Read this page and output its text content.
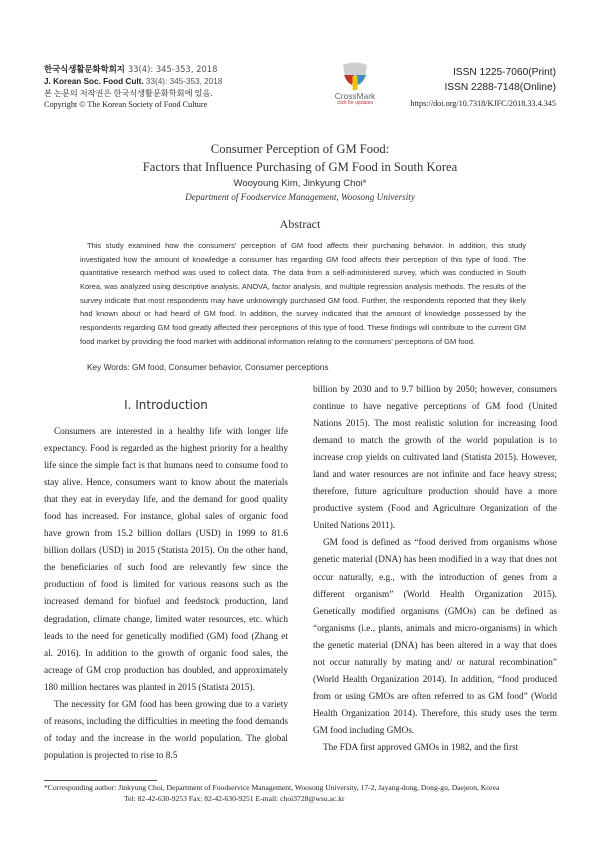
한국식생활문화학회지 33(4): 345-353, 2018
J. Korean Soc. Food Cult. 33(4): 345-353, 2018
본 논문의 저작권은 한국식생활문화학회에 있음.
Copyright © The Korean Society of Food Culture
CrossMark
click for updates
ISSN 1225-7060(Print)
ISSN 2288-7148(Online)
https://doi.org/10.7318/KJFC/2018.33.4.345
Consumer Perception of GM Food:
Factors that Influence Purchasing of GM Food in South Korea
Wooyoung Kim, Jinkyung Choi*
Department of Foodservice Management, Woosong University
Abstract
This study examined how the consumers' perception of GM food affects their purchasing behavior. In addition, this study investigated how the amount of knowledge a consumer has regarding GM food affects their perception of this type of food. The quantitative research method was used to collect data. The data from a self-administered survey, which was conducted in South Korea, was analyzed using descriptive analysis, ANOVA, factor analysis, and multiple regression analysis methods. The results of the survey indicate that most respondents may have unknowingly purchased GM food. Further, the respondents reported that they likely had known about or had heard of GM food. In addition, the survey indicated that the amount of knowledge possessed by the respondents regarding GM food greatly affected their perceptions of this type of food. These findings will contribute to the current GM food market by providing the food market with additional information relating to the consumers' perceptions of GM food.
Key Words: GM food, Consumer behavior, Consumer perceptions
Ⅰ. Introduction

Consumers are interested in a healthy life with longer life expectancy. Food is regarded as the highest priority for a healthy life since the simple fact is that humans need to consume food to stay alive. Hence, consumers want to know about the materials that they eat in everyday life, and the demand for good quality food has increased. For instance, global sales of organic food have grown from 15.2 billion dollars (USD) in 1999 to 81.6 billion dollars (USD) in 2015 (Statista 2015). On the other hand, the beneficiaries of such food are relevantly few since the production of food is limited for various reasons such as the increased demand for biofuel and feedstock production, land degradation, climate change, limited water resources, etc. which leads to the need for genetically modified (GM) food (Zhang et al. 2016). In addition to the growth of organic food sales, the acreage of GM crop production has doubled, and approximately 180 million hectares was planted in 2015 (Statista 2015).

The necessity for GM food has been growing due to a variety of reasons, including the difficulties in meeting the food demands of today and the increase in the world population. The global population is projected to rise to 8.5

billion by 2030 and to 9.7 billion by 2050; however, consumers continue to have negative perceptions of GM food (United Nations 2015). The most realistic solution for increasing food demand to match the growth of the world population is to increase crop yields on cultivated land (Statista 2015). However, land and water resources are not infinite and face heavy stress; therefore, future agriculture production should have a more productive system (Food and Agriculture Organization of the United Nations 2011).

GM food is defined as “food derived from organisms whose genetic material (DNA) has been modified in a way that does not occur naturally, e.g., with the introduction of genes from a different organism” (World Health Organization 2015). Genetically modified organisms (GMOs) can be defined as “organisms (i.e., plants, animals and micro-organisms) in which the genetic material (DNA) has been altered in a way that does not occur naturally by mating and/ or natural recombination” (World Health Organization 2014). In addition, “food produced from or using GMOs are often referred to as GM food” (World Health Organization 2014). Therefore, this study uses the term GM food including GMOs.

The FDA first approved GMOs in 1982, and the first

*Corresponding author: Jinkyung Choi, Department of Foodservice Management, Woosong University, 17-2, Jayang-dong, Dong-gu, Daejeon, Korea
Tel: 82-42-630-9253 Fax: 82-42-630-9251 E-mail: choi3728@wsu.ac.kr
